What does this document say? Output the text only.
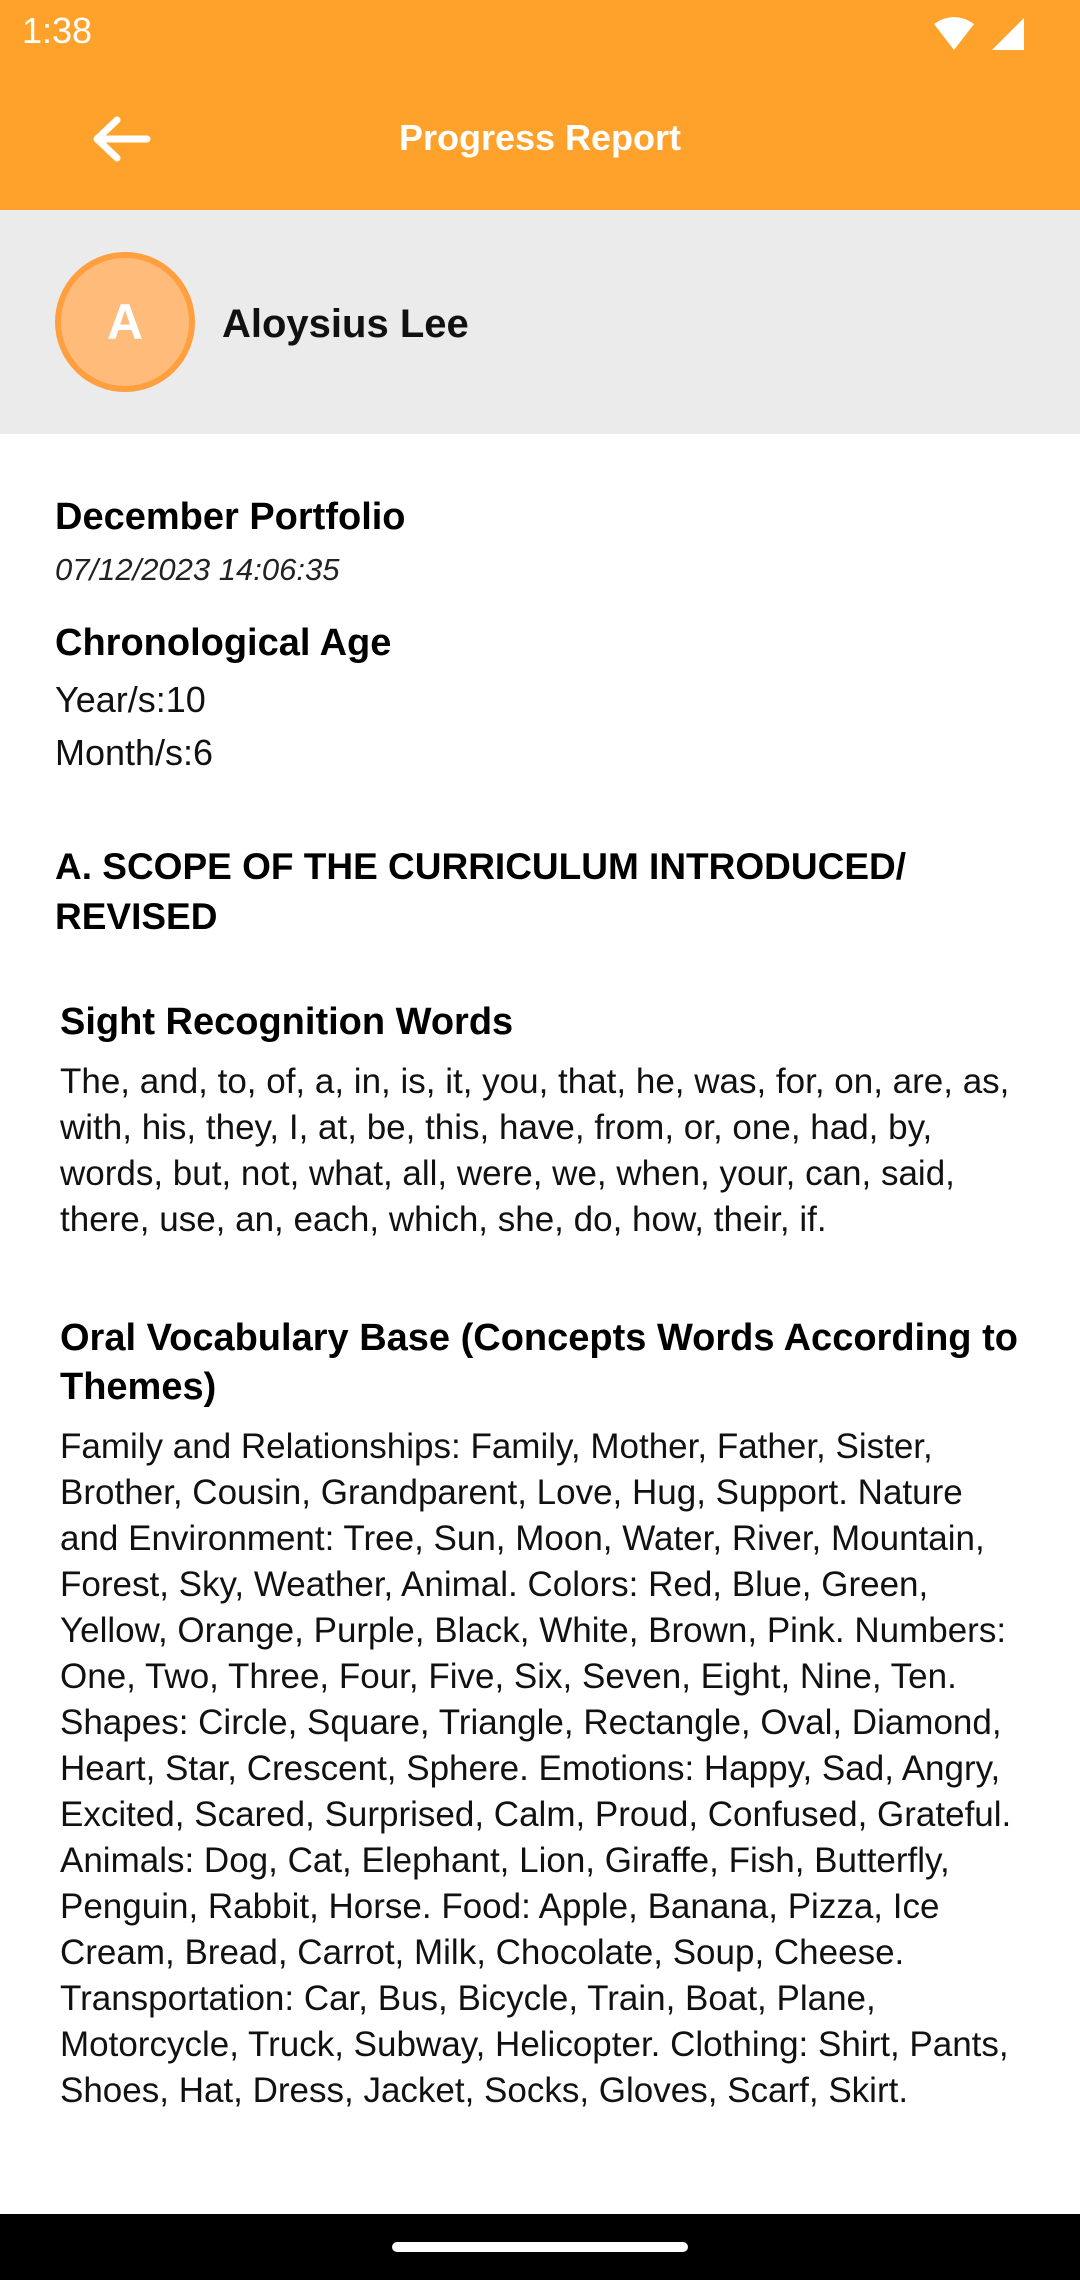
1:38
Progress Report
A	Aloysius Lee
December Portfolio
07/12/2023 14:06:35
Chronological Age
Year/s:10
Month/s:6
A. SCOPE OF THE CURRICULUM INTRODUCED/ REVISED
Sight Recognition Words
The, and, to, of, a, in, is, it, you, that, he, was, for, on, are, as, with, his, they, I, at, be, this, have, from, or, one, had, by, words, but, not, what, all, were, we, when, your, can, said, there, use, an, each, which, she, do, how, their, if.
Oral Vocabulary Base (Concepts Words According to Themes)
Family and Relationships: Family, Mother, Father, Sister, Brother, Cousin, Grandparent, Love, Hug, Support. Nature and Environment: Tree, Sun, Moon, Water, River, Mountain, Forest, Sky, Weather, Animal. Colors: Red, Blue, Green, Yellow, Orange, Purple, Black, White, Brown, Pink. Numbers: One, Two, Three, Four, Five, Six, Seven, Eight, Nine, Ten. Shapes: Circle, Square, Triangle, Rectangle, Oval, Diamond, Heart, Star, Crescent, Sphere. Emotions: Happy, Sad, Angry, Excited, Scared, Surprised, Calm, Proud, Confused, Grateful. Animals: Dog, Cat, Elephant, Lion, Giraffe, Fish, Butterfly, Penguin, Rabbit, Horse. Food: Apple, Banana, Pizza, Ice Cream, Bread, Carrot, Milk, Chocolate, Soup, Cheese. Transportation: Car, Bus, Bicycle, Train, Boat, Plane, Motorcycle, Truck, Subway, Helicopter. Clothing: Shirt, Pants, Shoes, Hat, Dress, Jacket, Socks, Gloves, Scarf, Skirt.
